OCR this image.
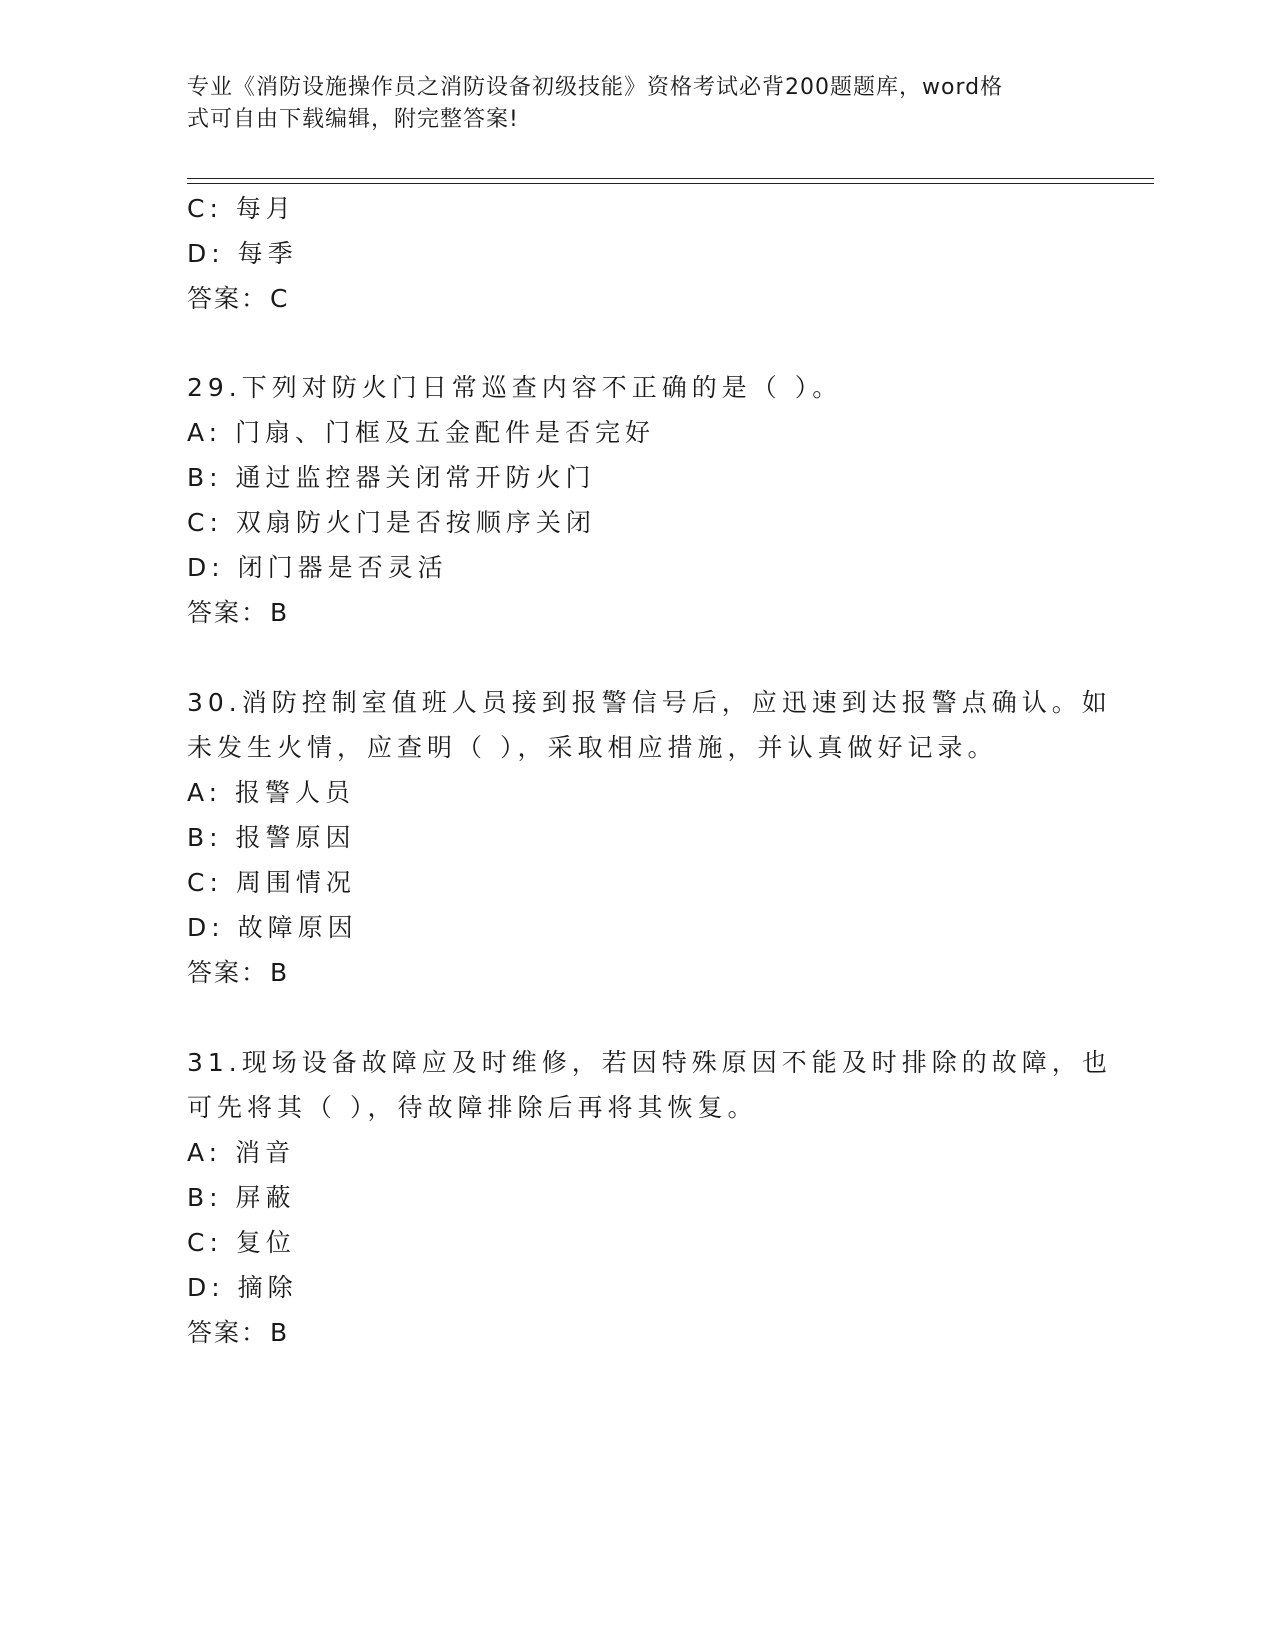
专业《消防设施操作员之消防设备初级技能》资格考试必背200题题库，word格
式可自由下载编辑，附完整答案!
C: 每月
D: 每季
答案：C
29.下列对防火门日常巡查内容不正确的是（ ）。
A: 门扇、门框及五金配件是否完好
B: 通过监控器关闭常开防火门
C: 双扇防火门是否按顺序关闭
D: 闭门器是否灵活
答案：B
30.消防控制室值班人员接到报警信号后，应迅速到达报警点确认。如
未发生火情，应查明（ ），采取相应措施，并认真做好记录。
A: 报警人员
B: 报警原因
C: 周围情况
D: 故障原因
答案：B
31.现场设备故障应及时维修，若因特殊原因不能及时排除的故障，也
可先将其（ ），待故障排除后再将其恢复。
A: 消音
B: 屏蔽
C: 复位
D: 摘除
答案：B
